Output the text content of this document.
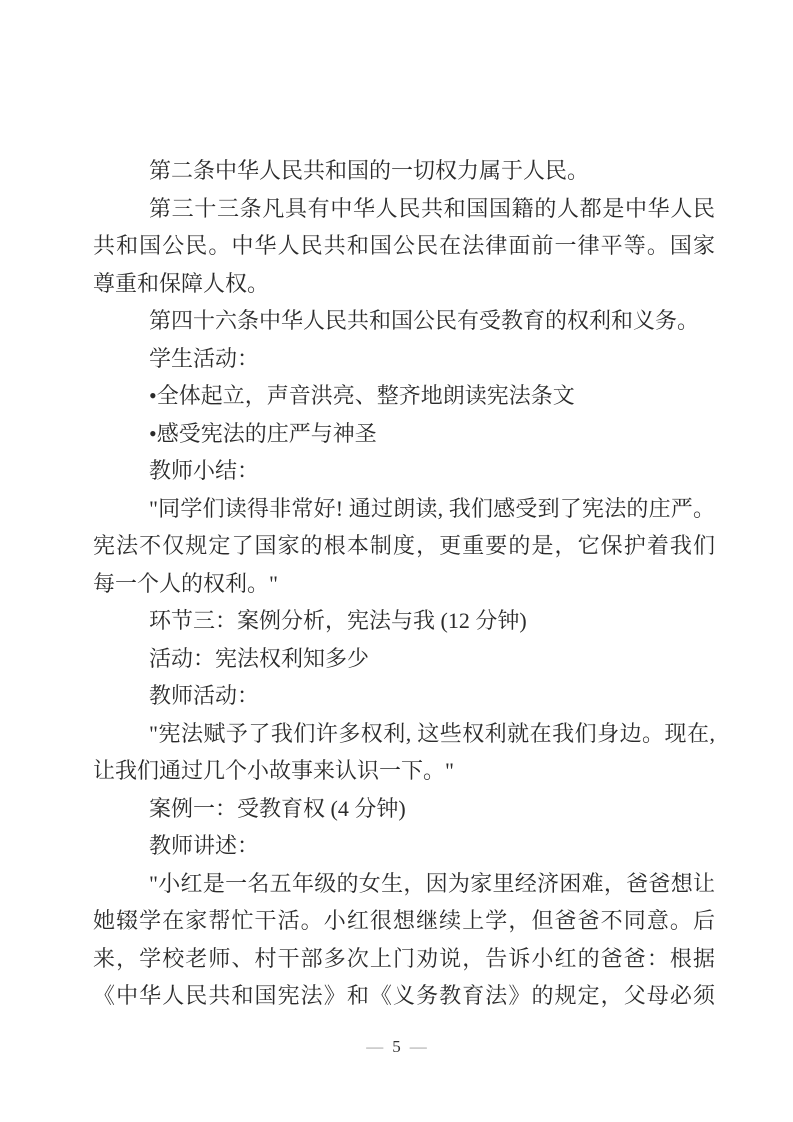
第二条中华人民共和国的一切权力属于人民。
第三十三条凡具有中华人民共和国国籍的人都是中华人民
共和国公民。中华人民共和国公民在法律面前一律平等。国家
尊重和保障人权。
第四十六条中华人民共和国公民有受教育的权利和义务。
学生活动：
•全体起立，声音洪亮、整齐地朗读宪法条文
•感受宪法的庄严与神圣
教师小结：
"同学们读得非常好! 通过朗读, 我们感受到了宪法的庄严。
宪法不仅规定了国家的根本制度，更重要的是，它保护着我们
每一个人的权利。"
环节三：案例分析，宪法与我 (12 分钟)
活动：宪法权利知多少
教师活动：
"宪法赋予了我们许多权利, 这些权利就在我们身边。现在,
让我们通过几个小故事来认识一下。"
案例一：受教育权 (4 分钟)
教师讲述：
"小红是一名五年级的女生，因为家里经济困难，爸爸想让
她辍学在家帮忙干活。小红很想继续上学，但爸爸不同意。后
来，学校老师、村干部多次上门劝说，告诉小红的爸爸：根据
《中华人民共和国宪法》和《义务教育法》的规定，父母必须
— 5 —
